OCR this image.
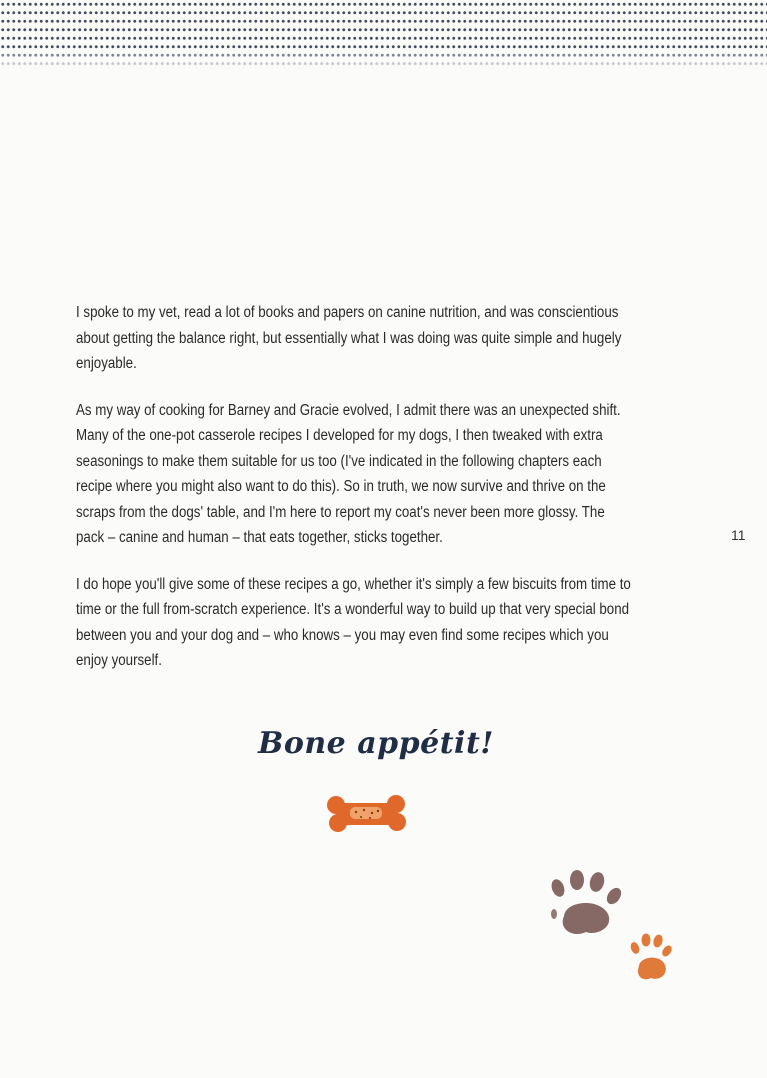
I spoke to my vet, read a lot of books and papers on canine nutrition, and was conscientious about getting the balance right, but essentially what I was doing was quite simple and hugely enjoyable.

As my way of cooking for Barney and Gracie evolved, I admit there was an unexpected shift. Many of the one-pot casserole recipes I developed for my dogs, I then tweaked with extra seasonings to make them suitable for us too (I've indicated in the following chapters each recipe where you might also want to do this). So in truth, we now survive and thrive on the scraps from the dogs' table, and I'm here to report my coat's never been more glossy. The pack – canine and human – that eats together, sticks together.

I do hope you'll give some of these recipes a go, whether it's simply a few biscuits from time to time or the full from-scratch experience. It's a wonderful way to build up that very special bond between you and your dog and – who knows – you may even find some recipes which you enjoy yourself.

11
Bone appétit!
